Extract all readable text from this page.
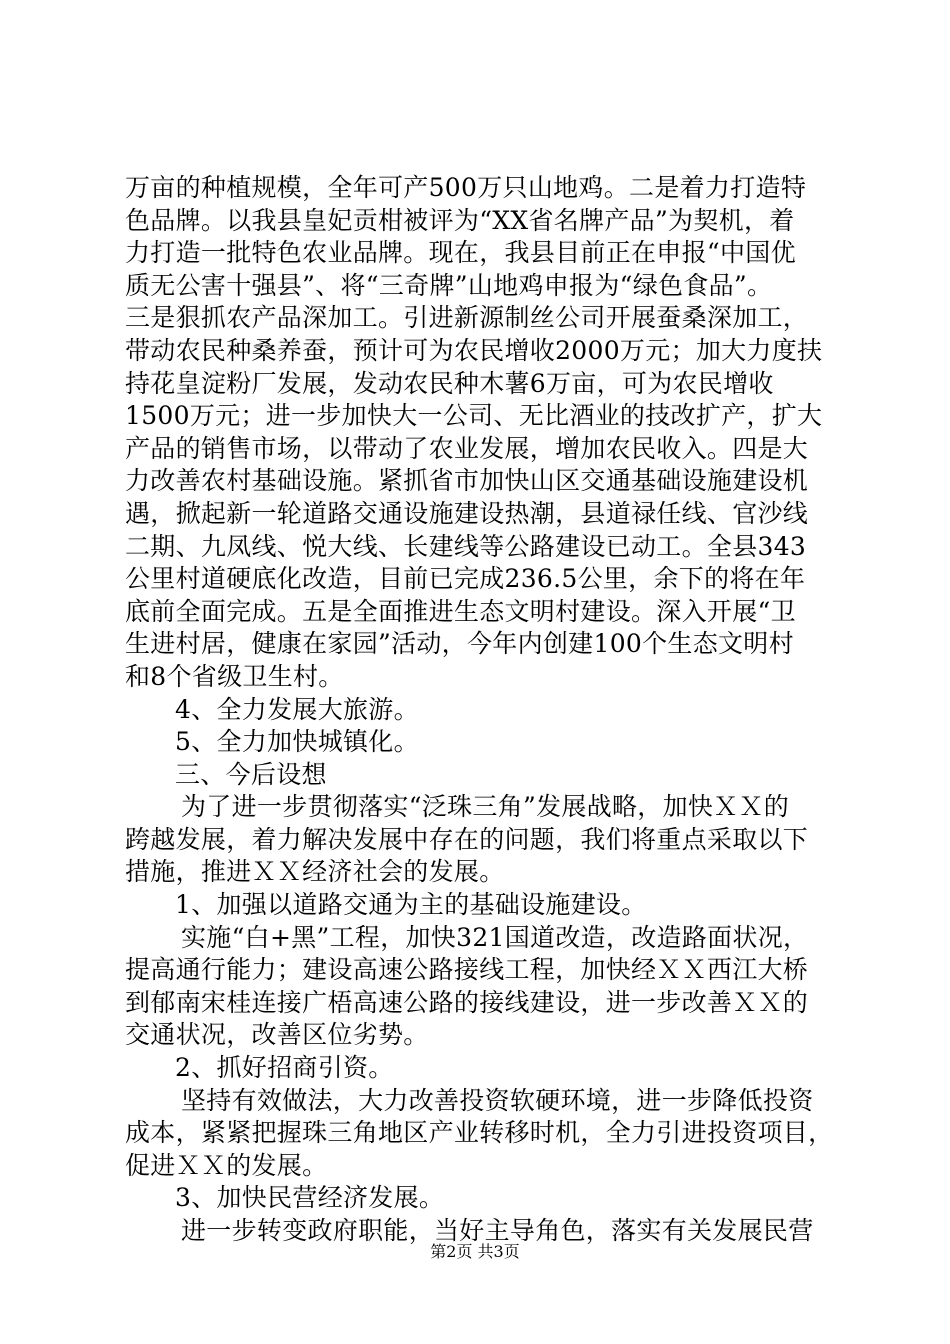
万亩的种植规模，全年可产500万只山地鸡。二是着力打造特
色品牌。以我县皇妃贡柑被评为“XX省名牌产品”为契机，着
力打造一批特色农业品牌。现在，我县目前正在申报“中国优
质无公害十强县”、将“三奇牌”山地鸡申报为“绿色食品”。
三是狠抓农产品深加工。引进新源制丝公司开展蚕桑深加工，
带动农民种桑养蚕，预计可为农民增收2000万元；加大力度扶
持花皇淀粉厂发展，发动农民种木薯6万亩，可为农民增收
1500万元；进一步加快大一公司、无比酒业的技改扩产，扩大
产品的销售市场，以带动了农业发展，增加农民收入。四是大
力改善农村基础设施。紧抓省市加快山区交通基础设施建设机
遇，掀起新一轮道路交通设施建设热潮，县道禄任线、官沙线
二期、九凤线、悦大线、长建线等公路建设已动工。全县343
公里村道硬底化改造，目前已完成236.5公里，余下的将在年
底前全面完成。五是全面推进生态文明村建设。深入开展“卫
生进村居，健康在家园”活动，今年内创建100个生态文明村
和8个省级卫生村。
4、全力发展大旅游。
5、全力加快城镇化。
三、今后设想
为了进一步贯彻落实“泛珠三角”发展战略，加快ＸＸ的
跨越发展，着力解决发展中存在的问题，我们将重点采取以下
措施，推进ＸＸ经济社会的发展。
1、加强以道路交通为主的基础设施建设。
实施“白+黑”工程，加快321国道改造，改造路面状况，
提高通行能力；建设高速公路接线工程，加快经ＸＸ西江大桥
到郁南宋桂连接广梧高速公路的接线建设，进一步改善ＸＸ的
交通状况，改善区位劣势。
2、抓好招商引资。
坚持有效做法，大力改善投资软硬环境，进一步降低投资
成本，紧紧把握珠三角地区产业转移时机，全力引进投资项目，
促进ＸＸ的发展。
3、加快民营经济发展。
进一步转变政府职能，当好主导角色，落实有关发展民营
第2页 共3页
